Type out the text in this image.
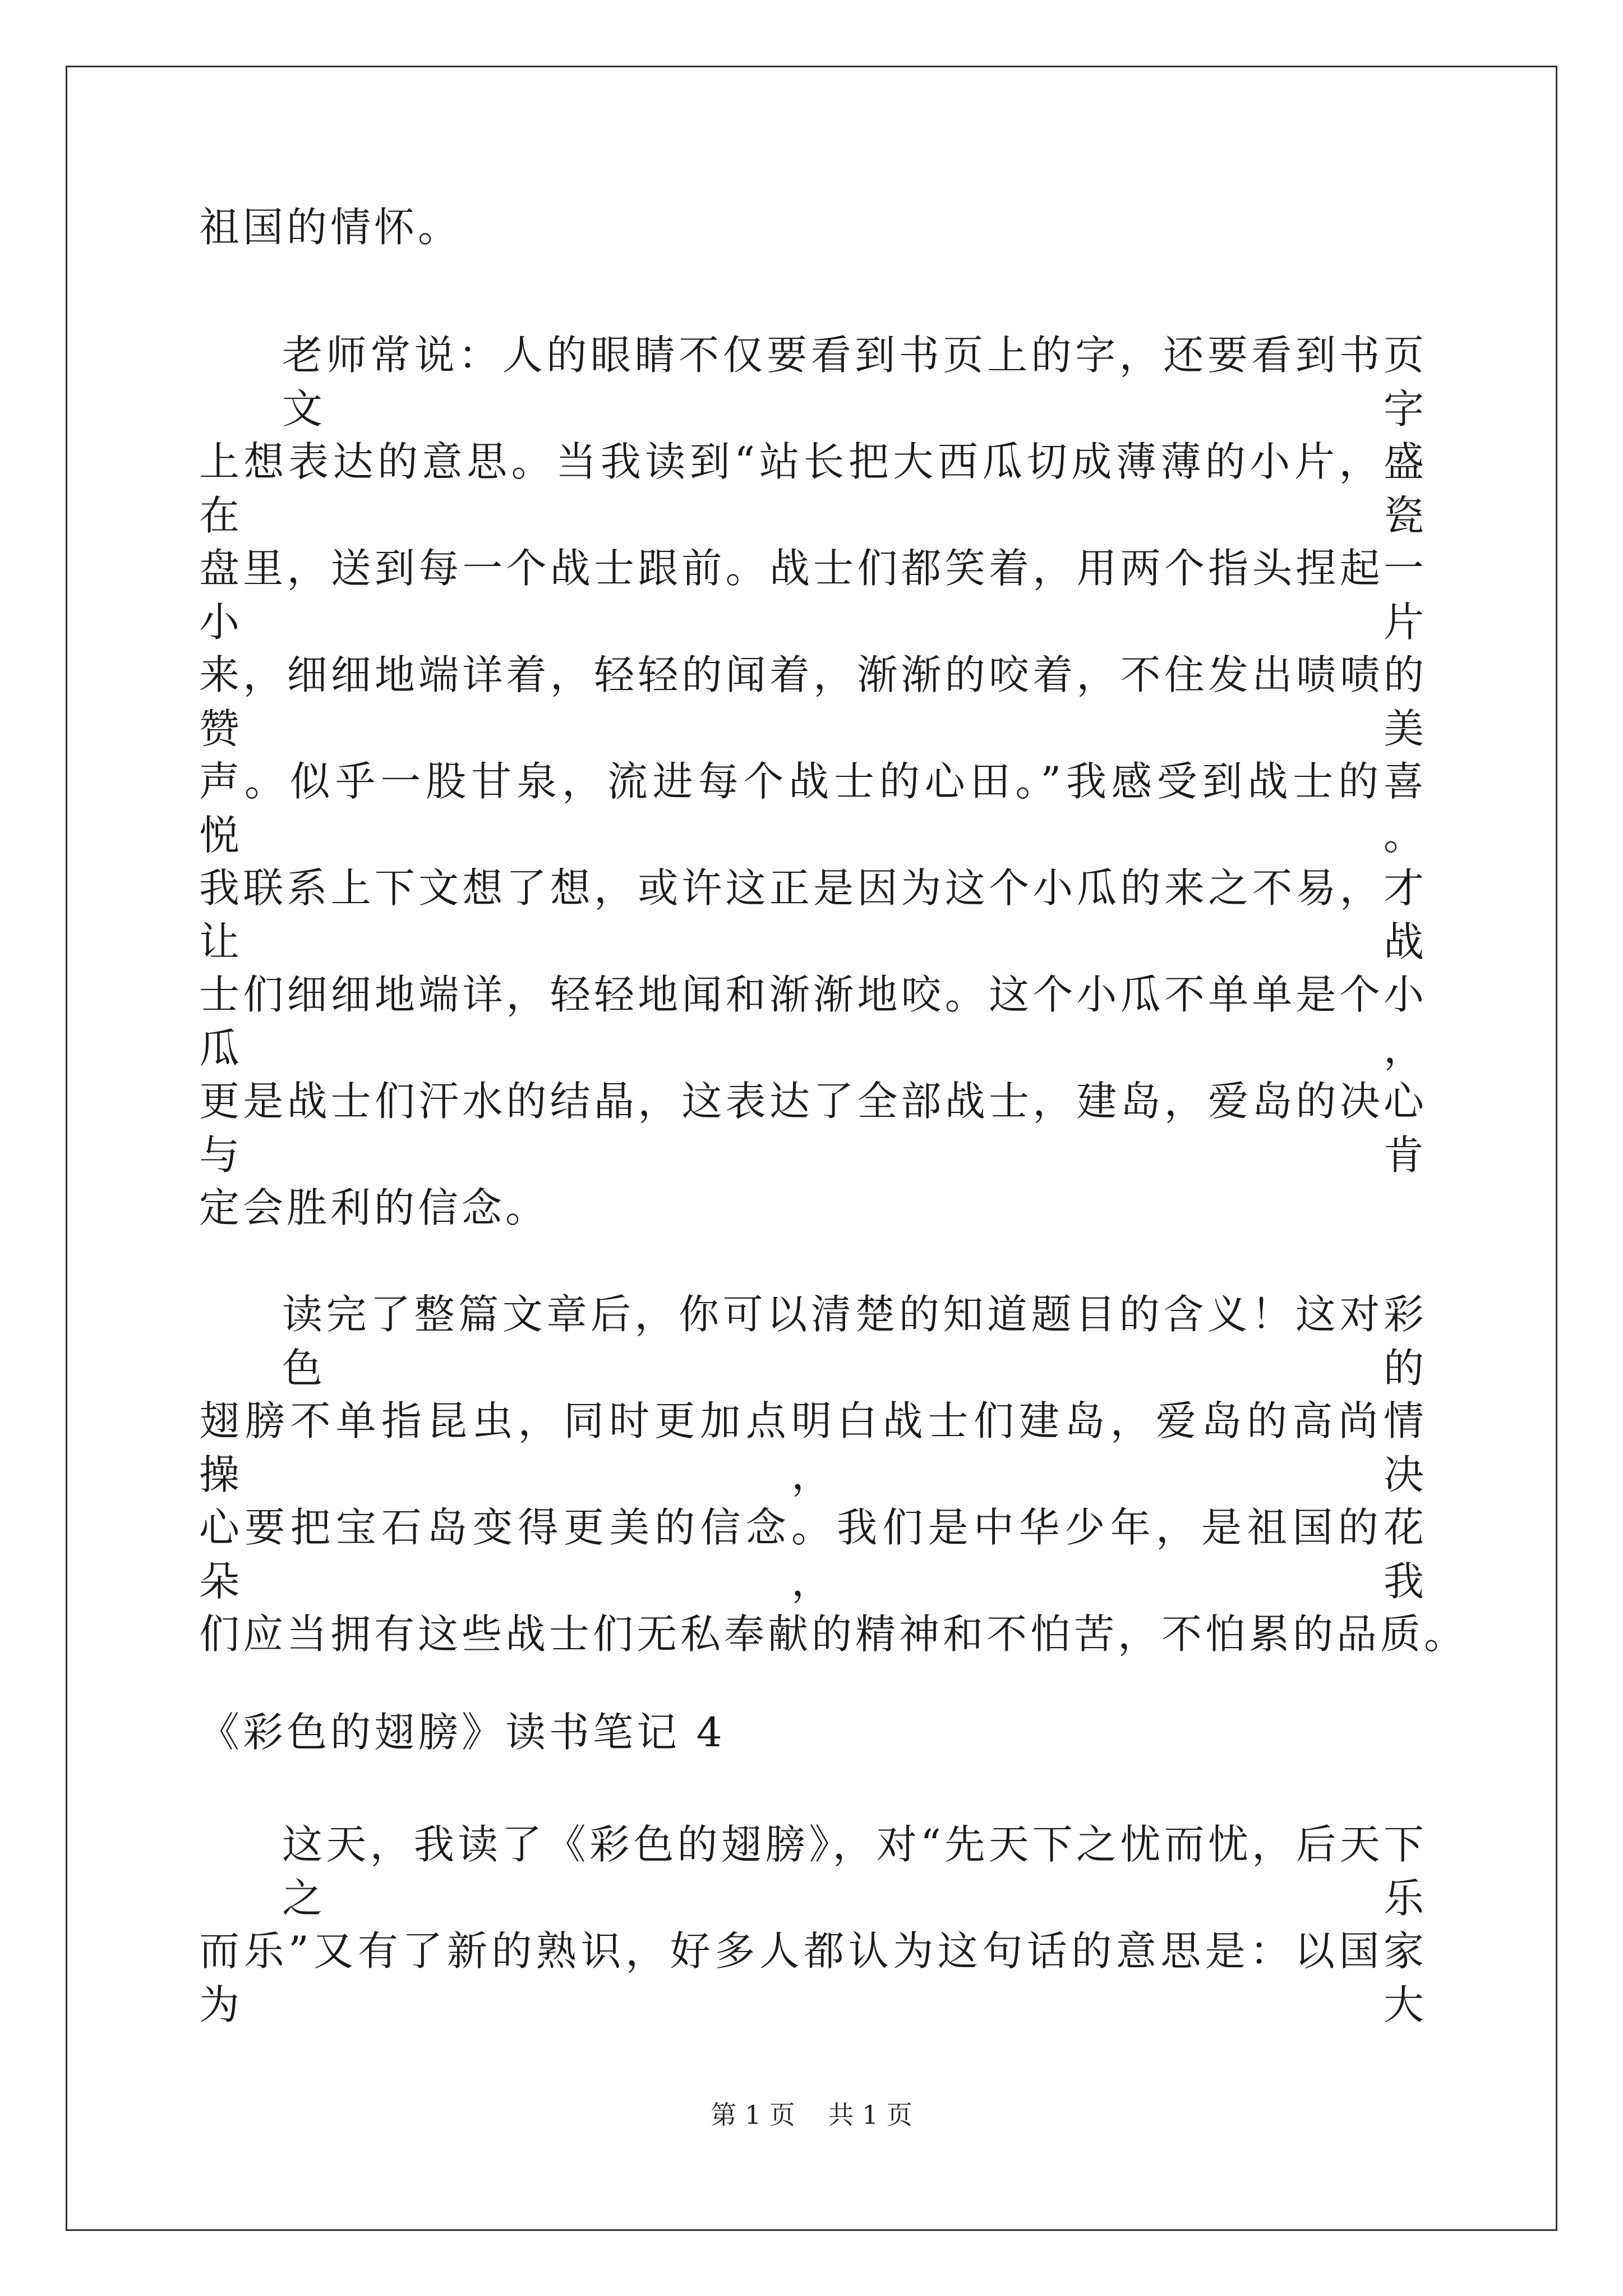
祖国的情怀。
老师常说：人的眼睛不仅要看到书页上的字，还要看到书页文字
上想表达的意思。当我读到“站长把大西瓜切成薄薄的小片，盛在瓷
盘里，送到每一个战士跟前。战士们都笑着，用两个指头捏起一小片
来，细细地端详着，轻轻的闻着，渐渐的咬着，不住发出啧啧的赞美
声。似乎一股甘泉，流进每个战士的心田。”我感受到战士的喜悦。
我联系上下文想了想，或许这正是因为这个小瓜的来之不易，才让战
士们细细地端详，轻轻地闻和渐渐地咬。这个小瓜不单单是个小瓜，
更是战士们汗水的结晶，这表达了全部战士，建岛，爱岛的决心与肯
定会胜利的信念。
读完了整篇文章后，你可以清楚的知道题目的含义！这对彩色的
翅膀不单指昆虫，同时更加点明白战士们建岛，爱岛的高尚情操，决
心要把宝石岛变得更美的信念。我们是中华少年，是祖国的花朵，我
们应当拥有这些战士们无私奉献的精神和不怕苦，不怕累的品质。
《彩色的翅膀》读书笔记 4
这天，我读了《彩色的翅膀》，对“先天下之忧而忧，后天下之乐
而乐”又有了新的熟识，好多人都认为这句话的意思是：以国家为大
第 1 页    共 1 页
